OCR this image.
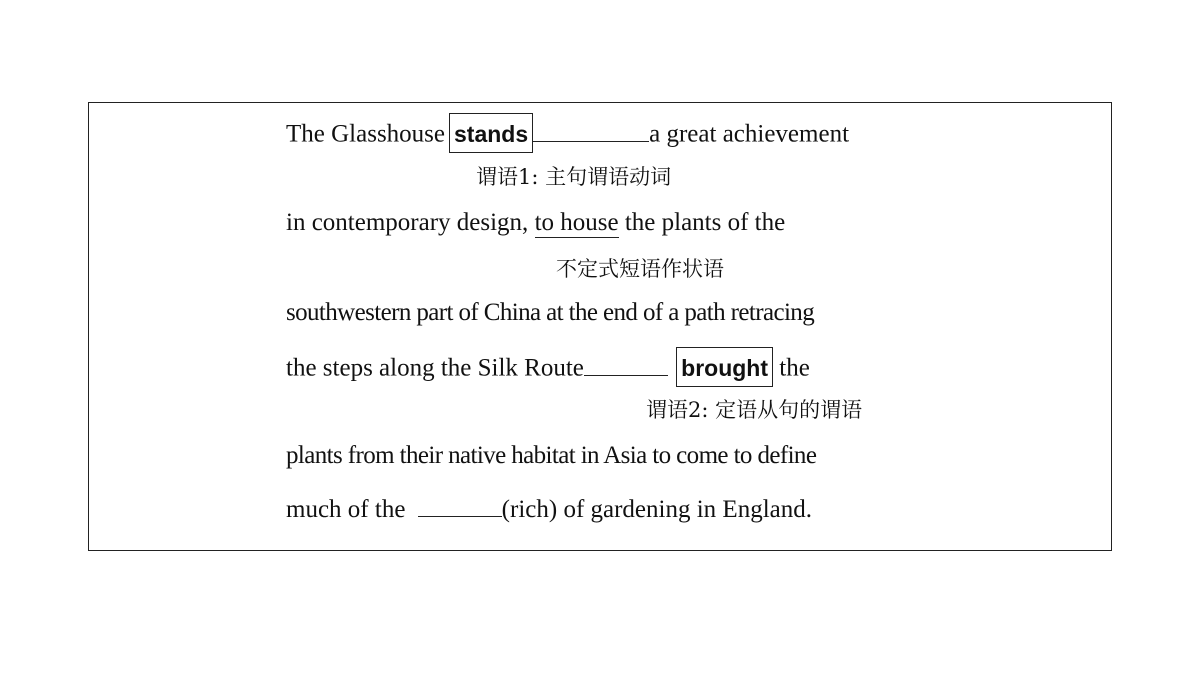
The Glasshouse stands	a great achievement
谓语1: 主句谓语动词
in contemporary design, to house the plants of the
不定式短语作状语
southwestern part of China at the end of a path retracing
the steps along the Silk Route	brought the
谓语2: 定语从句的谓语
plants from their native habitat in Asia to come to define
much of the	(rich) of gardening in England.
